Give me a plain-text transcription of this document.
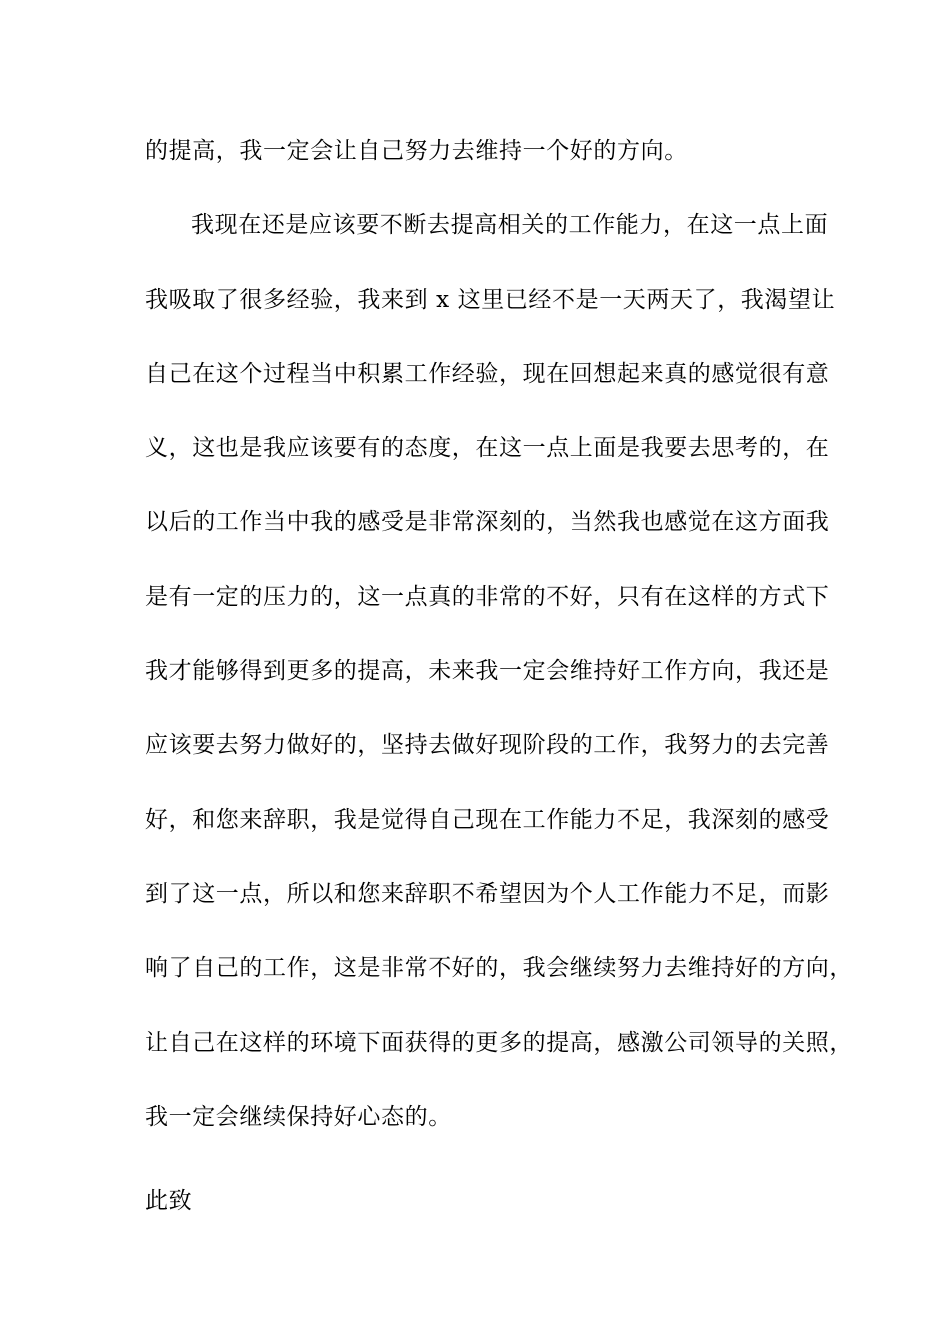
的提高，我一定会让自己努力去维持一个好的方向。
我现在还是应该要不断去提高相关的工作能力，在这一点上面
我吸取了很多经验，我来到 x 这里已经不是一天两天了，我渴望让
自己在这个过程当中积累工作经验，现在回想起来真的感觉很有意
义，这也是我应该要有的态度，在这一点上面是我要去思考的，在
以后的工作当中我的感受是非常深刻的，当然我也感觉在这方面我
是有一定的压力的，这一点真的非常的不好，只有在这样的方式下
我才能够得到更多的提高，未来我一定会维持好工作方向，我还是
应该要去努力做好的，坚持去做好现阶段的工作，我努力的去完善
好，和您来辞职，我是觉得自己现在工作能力不足，我深刻的感受
到了这一点，所以和您来辞职不希望因为个人工作能力不足，而影
响了自己的工作，这是非常不好的，我会继续努力去维持好的方向，
让自己在这样的环境下面获得的更多的提高，感激公司领导的关照，
我一定会继续保持好心态的。
此致
